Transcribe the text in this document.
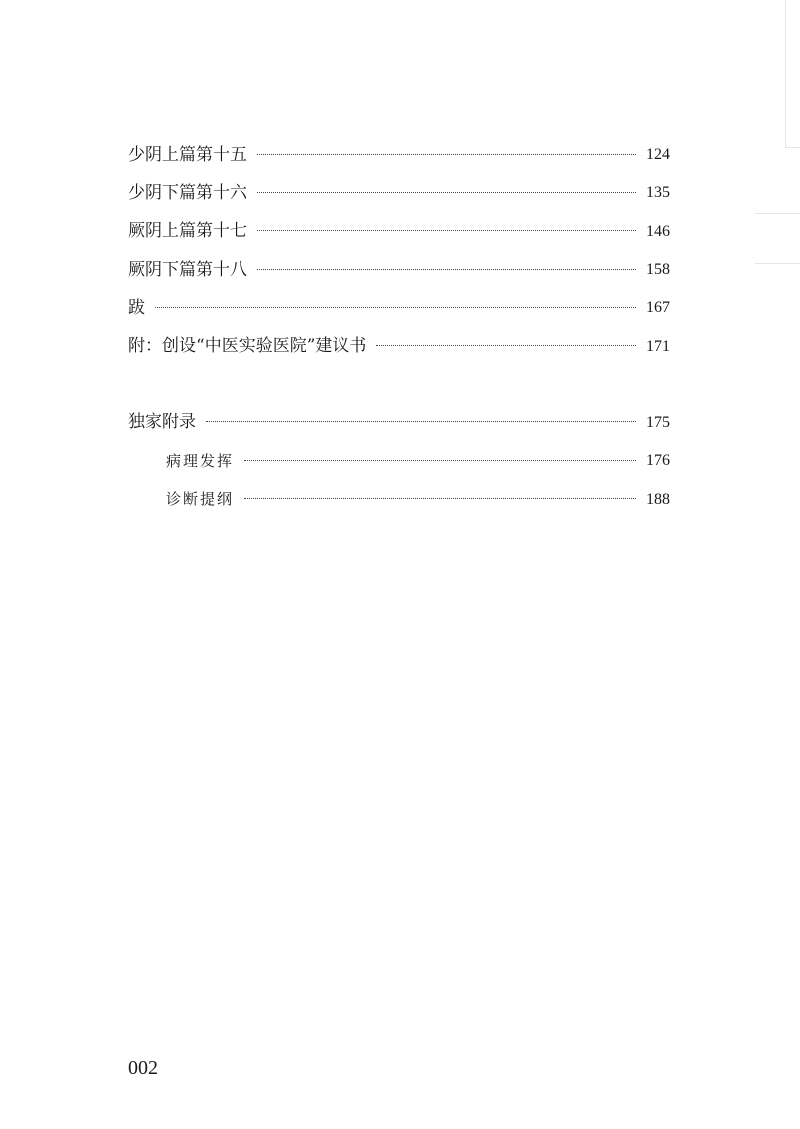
少阴上篇第十五	124
少阴下篇第十六	135
厥阴上篇第十七	146
厥阴下篇第十八	158
跋	167
附：创设“中医实验医院”建议书	171
独家附录	175
病理发挥	176
诊断提纲	188
002
